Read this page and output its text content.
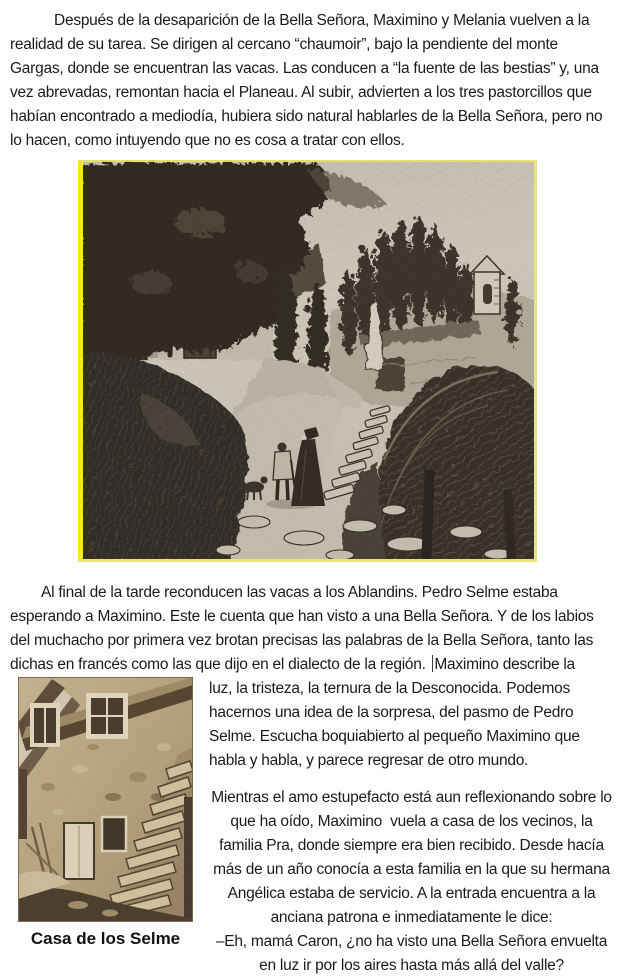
Después de la desaparición de la Bella Señora, Maximino y Melania vuelven a la realidad de su tarea. Se dirigen al cercano “chaumoir”, bajo la pendiente del monte Gargas, donde se encuentran las vacas. Las conducen a “la fuente de las bestias” y, una vez abrevadas, remontan hacia el Planeau. Al subir, advierten a los tres pastorcillos que habían encontrado a mediodía, hubiera sido natural hablarles de la Bella Señora, pero no lo hacen, como intuyendo que no es cosa a tratar con ellos.

Al final de la tarde reconducen las vacas a los Ablandins. Pedro Selme estaba esperando a Maximino. Este le cuenta que han visto a una Bella Señora. Y de los labios del muchacho por primera vez brotan precisas las palabras de la Bella Señora, tanto las dichas en francés como las que dijo en el dialecto de la región. Maximino describe la

Casa de los Selme

luz, la tristeza, la ternura de la Desconocida. Podemos hacernos una idea de la sorpresa, del pasmo de Pedro Selme. Escucha boquiabierto al pequeño Maximino que habla y habla, y parece regresar de otro mundo.

Mientras el amo estupefacto está aun reflexionando sobre lo que ha oído, Maximino  vuela a casa de los vecinos, la familia Pra, donde siempre era bien recibido. Desde hacía más de un año conocía a esta familia en la que su hermana Angélica estaba de servicio. A la entrada encuentra a la anciana patrona e inmediatamente le dice:

–Eh, mamá Caron, ¿no ha visto una Bella Señora envuelta en luz ir por los aires hasta más allá del valle?
